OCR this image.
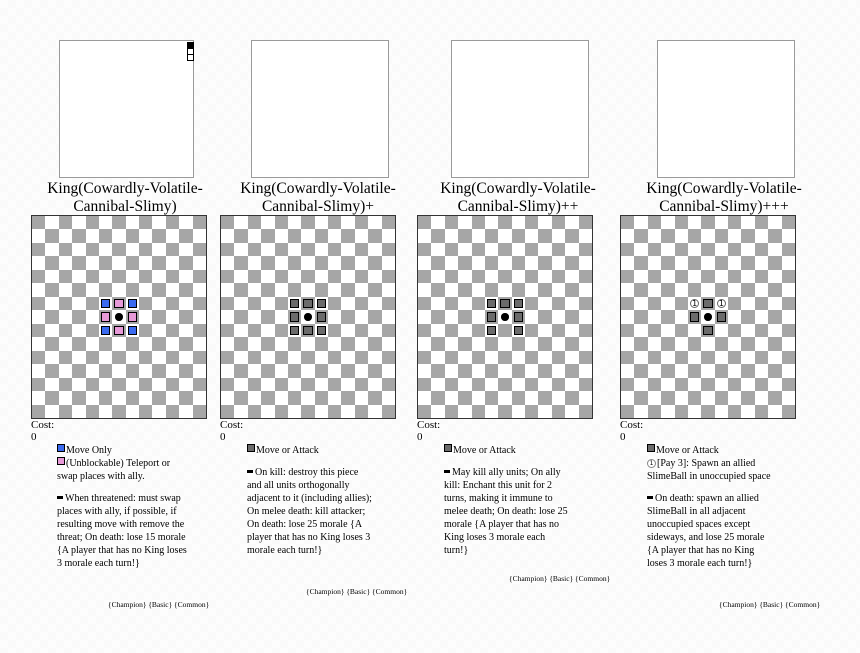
King(Cowardly-Volatile-
Cannibal-Slimy)
Cost: 0
Move Only
(Unblockable) Teleport or swap places with ally.
When threatened: must swap places with ally, if possible, if resulting move with remove the threat; On death: lose 15 morale {A player that has no King loses 3 morale each turn!}
{Champion} {Basic} {Common}
King(Cowardly-Volatile-
Cannibal-Slimy)+
Cost: 0
Move or Attack
On kill: destroy this piece and all units orthogonally adjacent to it (including allies); On melee death: kill attacker; On death: lose 25 morale {A player that has no King loses 3 morale each turn!}
{Champion} {Basic} {Common}
King(Cowardly-Volatile-
Cannibal-Slimy)++
Cost: 0
Move or Attack
May kill ally units; On ally kill: Enchant this unit for 2 turns, making it immune to melee death; On death: lose 25 morale {A player that has no King loses 3 morale each turn!}
{Champion} {Basic} {Common}
King(Cowardly-Volatile-
Cannibal-Slimy)+++
1	1
Cost: 0
Move or Attack
1 [Pay 3]: Spawn an allied SlimeBall in unoccupied space
On death: spawn an allied SlimeBall in all adjacent unoccupied spaces except sideways, and lose 25 morale {A player that has no King loses 3 morale each turn!}
{Champion} {Basic} {Common}
